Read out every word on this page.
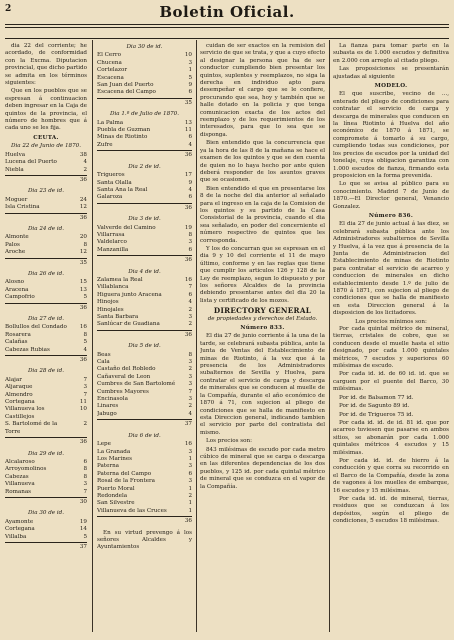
2	Boletin Oficial.

dia 22 del corriente; he acordado, de conformidad con la Excma. Diputacion provincial, que dicho partido se admita en los términos siguientes:

Que en los pueblos que se espresan á continuacion deben ingresar en la Caja de quintos de la provincia, el número de hombres que á cada uno se les fija.

CEUTA.
Dia 22 de Junio de 1870.
Huelva	38
Lucena del Puerto	4
Niebla	2
36
Dia 23 de id.
Moguer	24
Isla Cristina	12
36
Dia 24 de id.
Almonte	20
Palos	8
Aroche	12
35
Dia 26 de id.
Alosno	15
Aracena	13
Campofrio	5
36
Dia 27 de id.
Bollullos del Condado	16
Rosarera	8
Calañas	5
Cabezas Rubias	4
36
Dia 28 de id.
Alajar	7
Aljaraque	3
Almendro	7
Cortegana	11
Villanueva los Castillejos
10
S. Bartolomé de la Torre
2
36
Dia 29 de id.
Alcalaroso	6
Arroyomolinos	8
Cabezas	8
Villanueva	3
Romanas	7
30
Dia 30 de id.
Ayamonte	19
Cortegana	14
Villalba	5
37
Dia 30 de id.
El Cerro	10
Chucena	3
Cortelazor	1
Escacena	5
San Juan del Puerto	9
Escacena del Campo	6
35
Dia 1.º de Julio de 1870.
La Palma	13
Puebla de Guzman	11
Minas de Riotinto	6
Zufre	4
36
Dia 2 de id.
Trigueros	17
Santa Olalla	9
Santa Ana la Real	4
Galaroza	6
36
Dia 3 de id.
Valverde del Camino	19
Villarrasa	8
Valdelarco	3
Manzanilla	6
36
Dia 4 de id.
Zalamea la Real	16
Villablanca	7
Higuera junto Aracena	6
Hinojos	4
Hinojales	2
Santa Barbara	3
Sanlúcar de Guadiana	2
36
Dia 5 de id.
Beas	8
Cala	3
Castaño del Robledo	2
Cañaveral de Leon	3
Cumbres de San Bartolomé	3
Cumbres Mayores	7
Encinasola	3
Linares	2
Jabugo	4
37
Dia 6 de id.
Lepe	16
La Granada	3
Los Marines	1
Paterna	3
Paterna del Campo	6
Rosal de la Frontera	3
Puerto Moral	1
Redondela	2
San Silvestre	1
Villanueva de las Cruces	1
36

En su virtud prevengo á los señores Alcaldes y Ayuntamientos

cuidan de ser exactos en la remision del servicio de que se trata, y que a cuyo efecto al designar la persona que ha de ser conductor cumpliendo bien presentar los quintos, suplentes y reemplazos, no siga la derecha en individuo apto para desempeñar el cargo que se le confiere, procurando que sea, hoy y también que se halle dotado en la policia y que tenga comunicacion exacta de los actos del reemplazo y de los requerimientos de los interesados, para que lo sea que se disponga.

Bien entendido que la concurrencia que ya la hora de las 8 de la mañana se hace el examen de los quintos y que se den cuenta de quien no lo haya hecho por ante quien deberá responder de los asuntos graves que se ocasionen.

Bien entendido el que en presentarse los 8 de la noche del dia anterior al señalado para el ingreso en la caja de la Comision de los quintos y su partido de la Casa Consistorial de la provincia, cuando el dia sea señalado, en poder del concerniente el número respectivo de quintos que les corresponda.

Y los do concurran que se espresan en el dia 9 y 10 del corriente el 11 de mayo último, conforme y en las reglas que tiene que cumplir los articulos 126 y 128 de la Ley de reemplazo, segun lo dispuesto y por los señores Alcaldes de la provincia debiendo presentarse antes del dia 20 la lista y certificado de los mozos.

DIRECTORY GENERAL
de propiedades y derechos del Estado.
Número 833.

El dia 27 de junio corriente á la una de la tarde, se celebrará subasta pública, ante la Junta de Ventas del Establecimiento de minas de Riotinto, á la vez que á la presencia de los Administradores subalternos de Sevilla y Huelva, para contratar el servicio de carga y descarga de minerales que se conducen al muelle de la Compañía, durante el año económico de 1870 á 71, con sujecion al pliego de condiciones que se halla de manifiesto en esta Direccion general, indicando tambien el servicio por parte del contratista del mismo.

Los precios son:

843 milésimas de escudo por cada metro cúbico de mineral que se carga o descarga en las diferentes dependencias de los dos pueblos, y 125 id. por cada quintal métrico de mineral que se conduzca en el vapor de la Compañía.

La fianza para tomar parte en la subasta es de 1.000 escudos y definitiva en 2.000 con arreglo al citado pliego.

Las proposiciones se presentarán ajustadas al siguiente

MODELO.

El que suscribe, vecino de ..., enterado del pliego de condiciones para contratar el servicio de carga y descarga de minerales que conducen en la línea Riotinto á Huelva del año económico de 1870 á 1871, se compromete á tomarlo á su cargo, cumpliendo todas sus condiciones, por los precios de escudos por la unidad del tonelaje, cuya obligacion garantiza con 1.000 escudos de fianza, firmando esta proposicion en la forma prevenida.

Lo que se avisa al público para su conocimiento. Madrid 7 de Junio de 1870.—El Director general, Venancio Gonzalez.

Número 836.

El dia 27 de junio actual á las diez, se celebrará subasta pública ante los Administradores subalternos de Sevilla y Huelva, á la vez que á presencia de la Junta de Administracion del Establecimiento de minas de Riotinto para contratar el servicio de acarreo y conduccion de minerales en dicho establecimiento desde 1.º de julio de 1870 á 1871, con sujecion al pliego de condiciones que se halla de manifiesto en esta Direccion general á la disposicion de los licitadores.

Los precios mínimos son:

Por cada quintal métrico de mineral, tierras, cristales de cobre, que se conducen desde el muelle hasta el sitio designado, por cada 1.000 quintales métricos, 7 escudos y superiores 60 milésimas de escudo.

Por cada id. id. de 60 id. id. que se carguen por el puente del Barco, 30 milésimas.

Por id. de Balsamon 77 id.

Por id. de Sagunto 89 id.

Por id. de Trigueros 75 id.

Por cada id. id. de id. 81 id. que por acarreo tuviesen que pasarse en ambos sitios, se abonarán por cada 1.000 quintales métricos 4 escudos y 15 milésimas.

Por cada id. id. de hierro á la conducción y que corra su recorrido en el Barco de la Compañía, desde la zona de vagones á los muelles de embarque, 16 escudos y 15 milésimas.

Por cada id. id. de mineral, tierras, residuos que se conduzcan á los depósitos, según el pliego de condiciones, 5 escudos 18 milésimas.
